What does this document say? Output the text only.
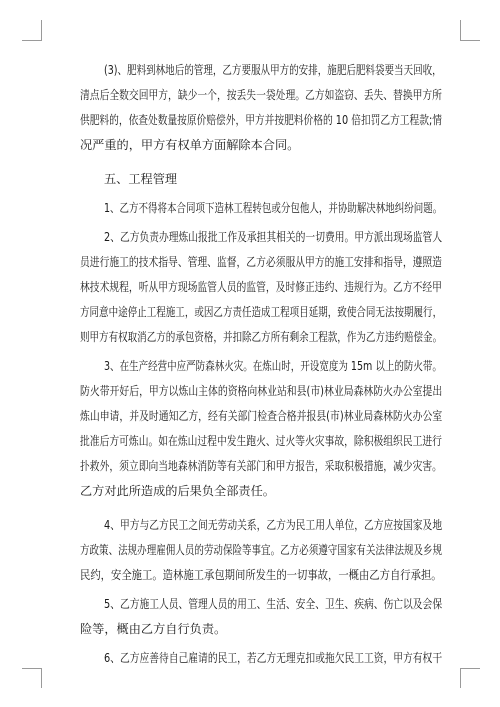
(3)、肥料到林地后的管理，乙方要服从甲方的安排，施肥后肥料袋要当天回收，
清点后全数交回甲方，缺少一个，按丢失一袋处理。乙方如盗窃、丢失、替换甲方所
供肥料的，依查处数量按原价赔偿外，甲方并按肥料价格的 10 倍扣罚乙方工程款;情
况严重的，甲方有权单方面解除本合同。
五、工程管理
1、乙方不得将本合同项下造林工程转包或分包他人，并协助解决林地纠纷问题。
2、乙方负责办理炼山报批工作及承担其相关的一切费用。甲方派出现场监管人
员进行施工的技术指导、管理、监督，乙方必须服从甲方的施工安排和指导，遵照造
林技术规程，听从甲方现场监管人员的监管，及时修正违约、违规行为。乙方不经甲
方同意中途停止工程施工，或因乙方责任造成工程项目延期，致使合同无法按期履行，
则甲方有权取消乙方的承包资格，并扣除乙方所有剩余工程款，作为乙方违约赔偿金。
3、在生产经营中应严防森林火灾。在炼山时，开设宽度为 15m 以上的防火带。
防火带开好后，甲方以炼山主体的资格向林业站和县(市)林业局森林防火办公室提出
炼山申请，并及时通知乙方，经有关部门检查合格并报县(市)林业局森林防火办公室
批准后方可炼山。如在炼山过程中发生跑火、过火等火灾事故，除积极组织民工进行
扑救外，须立即向当地森林消防等有关部门和甲方报告，采取积极措施，减少灾害。
乙方对此所造成的后果负全部责任。
4、甲方与乙方民工之间无劳动关系，乙方为民工用人单位，乙方应按国家及地
方政策、法规办理雇佣人员的劳动保险等事宜。乙方必须遵守国家有关法律法规及乡规
民约，安全施工。造林施工承包期间所发生的一切事故，一概由乙方自行承担。
5、乙方施工人员、管理人员的用工、生活、安全、卫生、疾病、伤亡以及会保
险等，概由乙方自行负责。
6、乙方应善待自己雇请的民工，若乙方无理克扣或拖欠民工工资，甲方有权干
